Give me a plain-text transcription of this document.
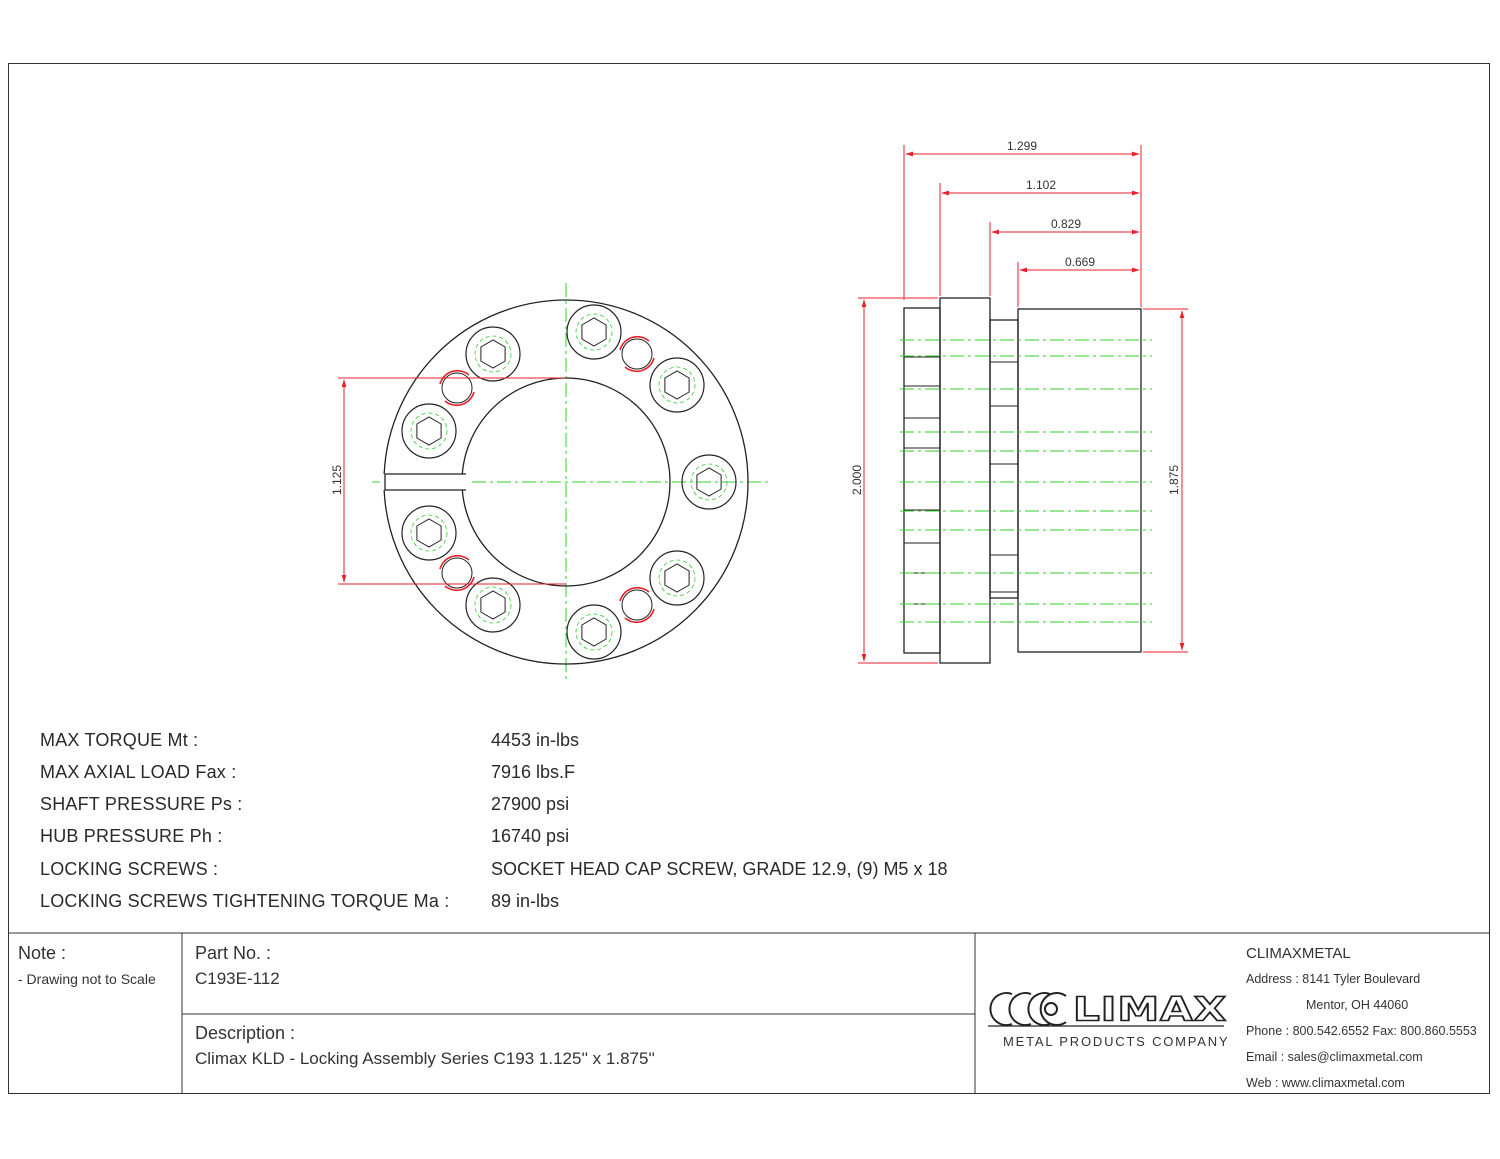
1.125
1.299
1.102
0.829
0.669
2.000	1.875
MAX TORQUE Mt :	4453 in-lbs
MAX AXIAL LOAD Fax :	7916 lbs.F
SHAFT PRESSURE Ps :	27900 psi
HUB PRESSURE Ph :	16740 psi
LOCKING SCREWS :	SOCKET HEAD CAP SCREW, GRADE 12.9, (9) M5 x 18
LOCKING SCREWS TIGHTENING TORQUE Ma : 89 in-lbs
Note :
- Drawing not to Scale
Part No. :
C193E-112
Description :
Climax KLD - Locking Assembly Series C193 1.125'' x 1.875''
LIMAX
METAL PRODUCTS COMPANY
CLIMAXMETAL
Address : 8141 Tyler Boulevard
Mentor, OH 44060
Phone : 800.542.6552 Fax: 800.860.5553
Email : sales@climaxmetal.com
Web : www.climaxmetal.com
